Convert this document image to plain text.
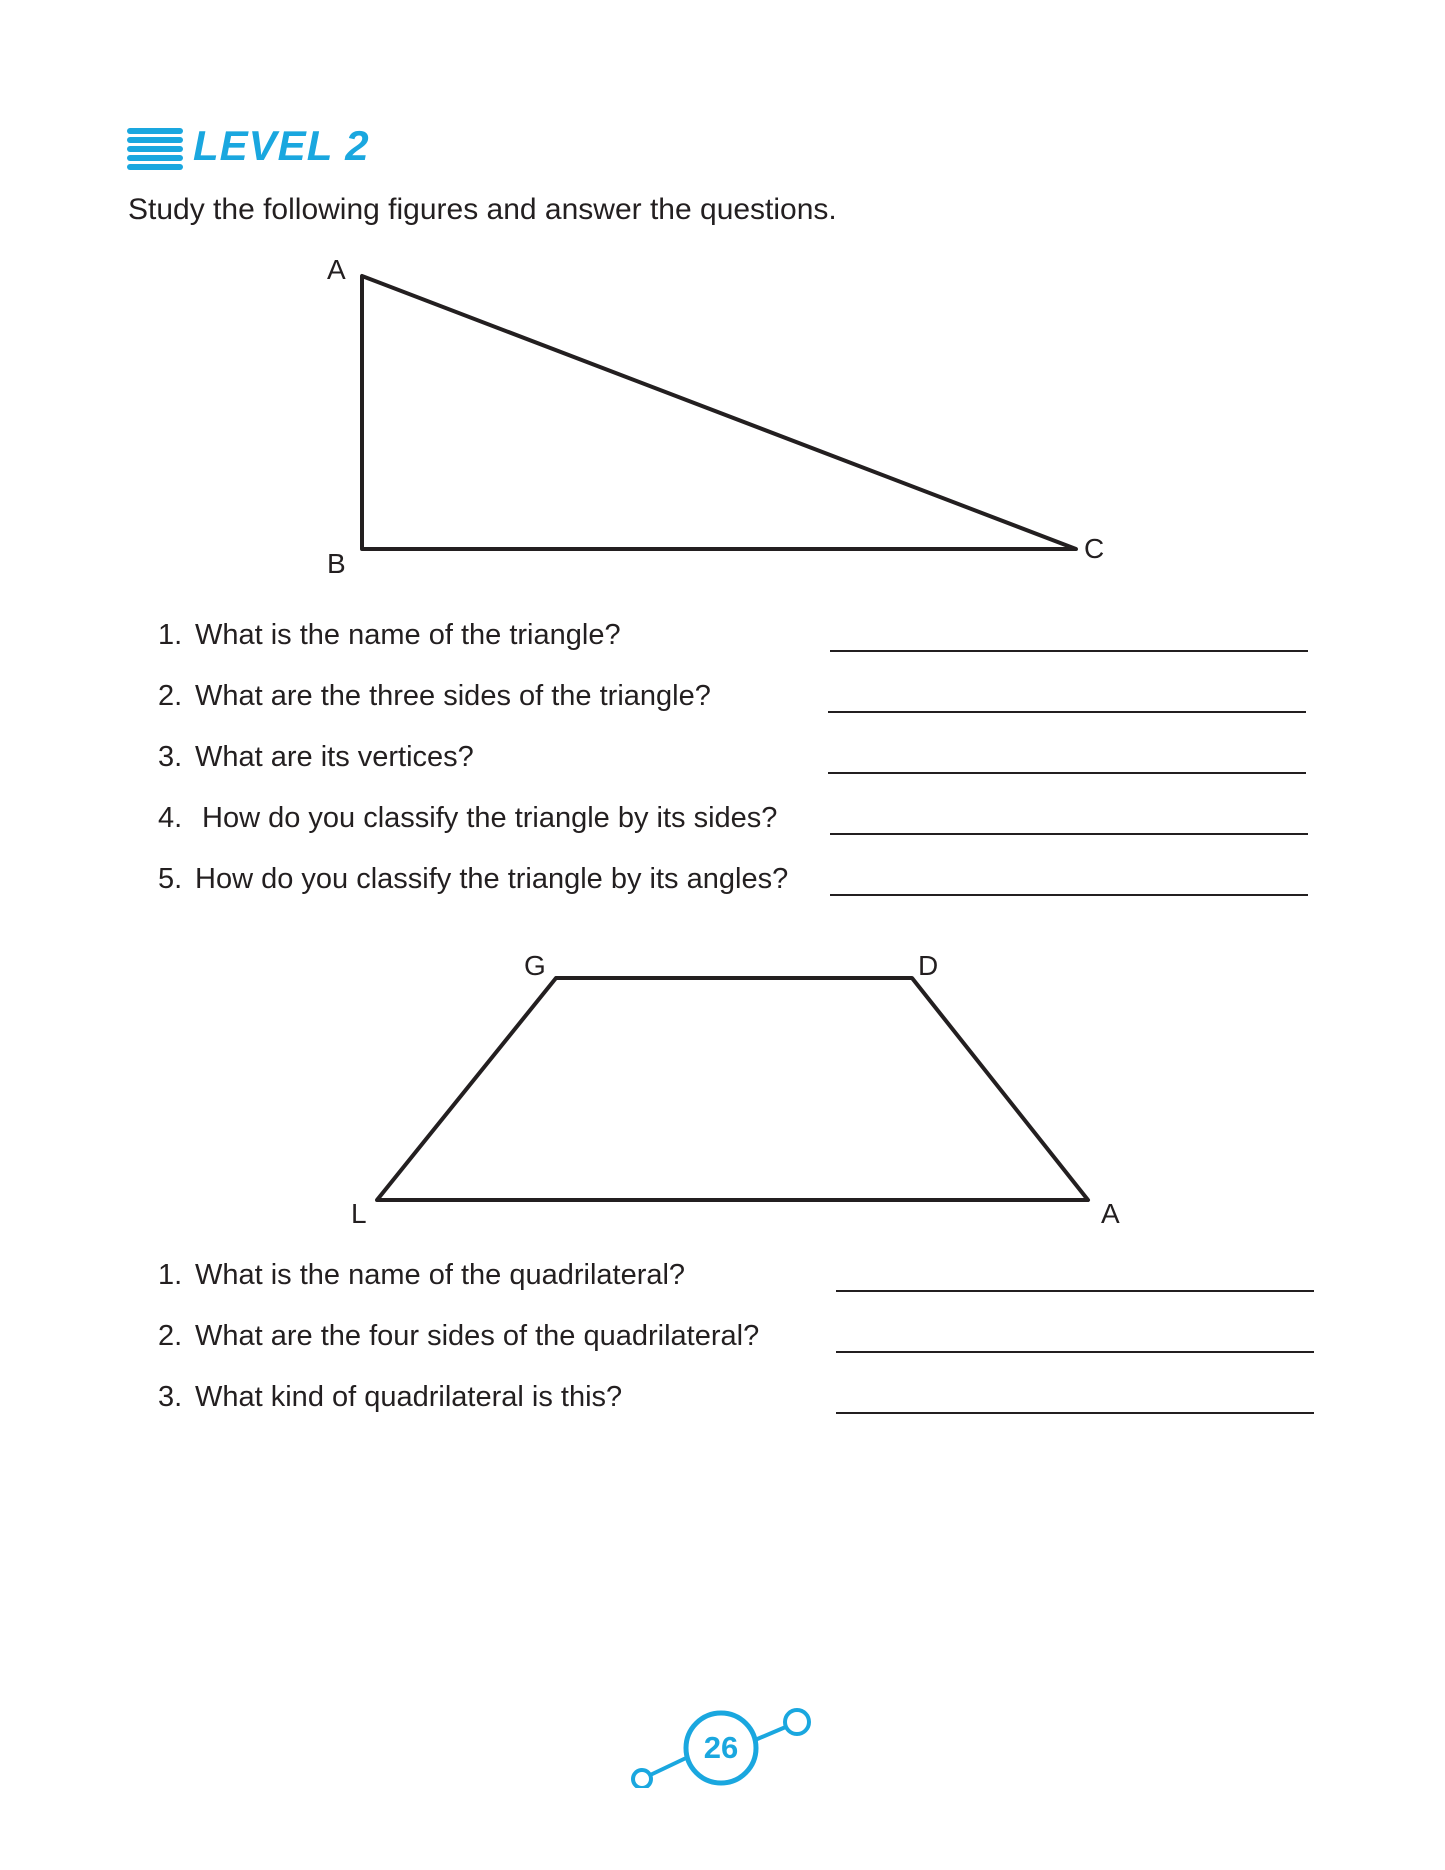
LEVEL 2
Study the following figures and answer the questions.
A
B	C
G	D
L	A
1. What is the name of the triangle?
2. What are the three sides of the triangle?
3. What are its vertices?
4. How do you classify the triangle by its sides?
5. How do you classify the triangle by its angles?
1. What is the name of the quadrilateral?
2. What are the four sides of the quadrilateral?
3. What kind of quadrilateral is this?
26
